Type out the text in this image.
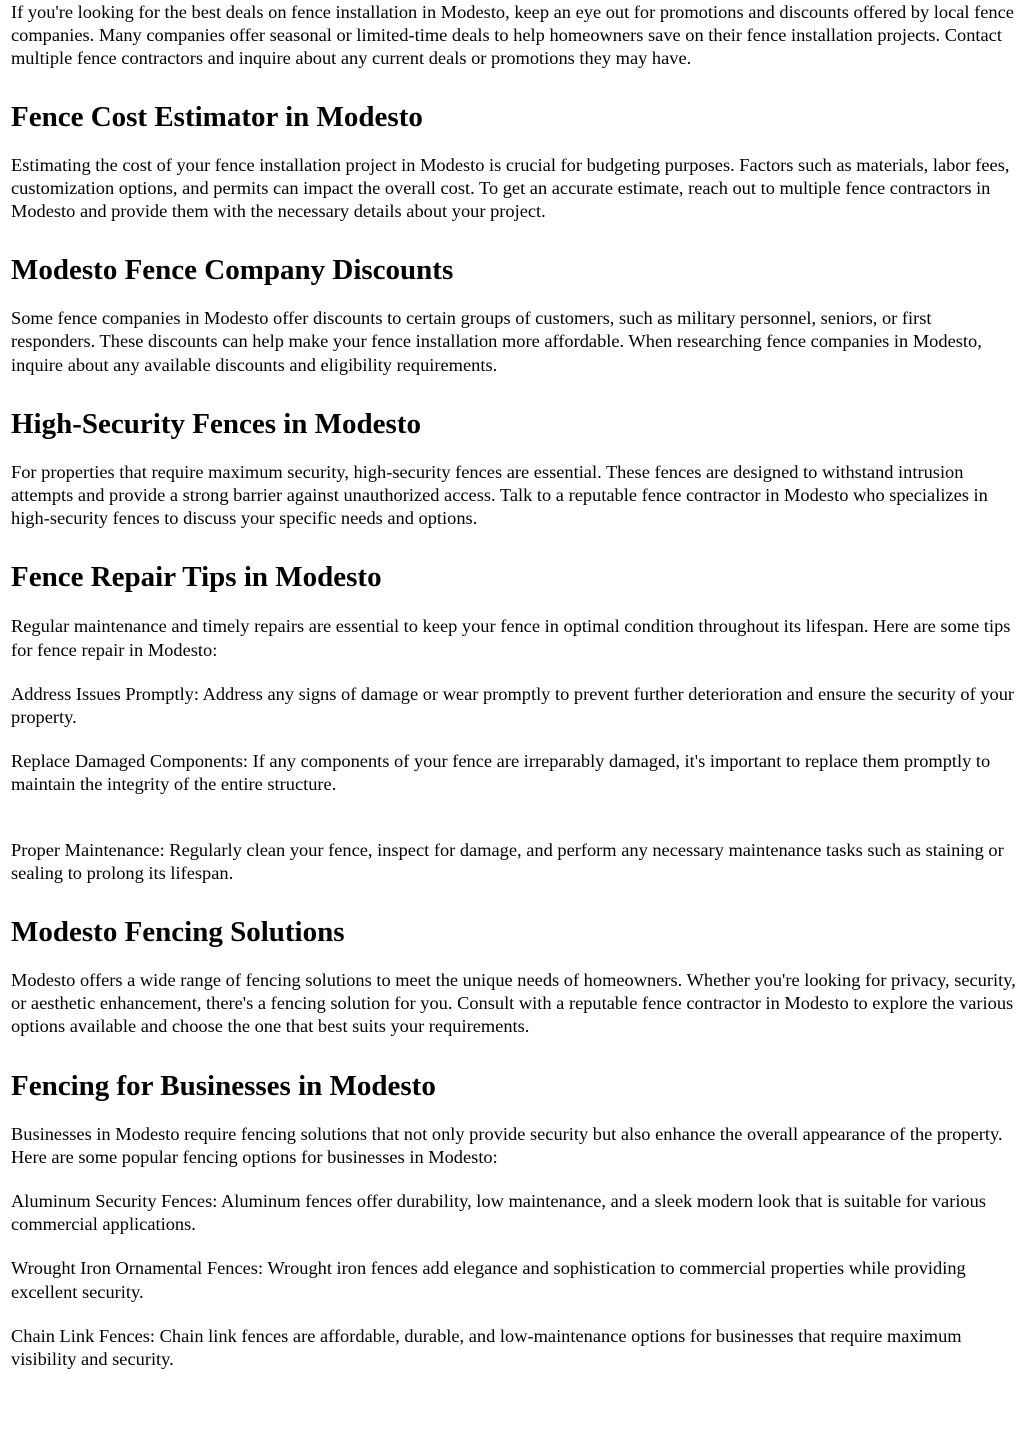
If you're looking for the best deals on fence installation in Modesto, keep an eye out for promotions and discounts offered by local fence companies. Many companies offer seasonal or limited-time deals to help homeowners save on their fence installation projects. Contact multiple fence contractors and inquire about any current deals or promotions they may have.

Fence Cost Estimator in Modesto

Estimating the cost of your fence installation project in Modesto is crucial for budgeting purposes. Factors such as materials, labor fees, customization options, and permits can impact the overall cost. To get an accurate estimate, reach out to multiple fence contractors in Modesto and provide them with the necessary details about your project.

Modesto Fence Company Discounts

Some fence companies in Modesto offer discounts to certain groups of customers, such as military personnel, seniors, or first responders. These discounts can help make your fence installation more affordable. When researching fence companies in Modesto, inquire about any available discounts and eligibility requirements.

High-Security Fences in Modesto

For properties that require maximum security, high-security fences are essential. These fences are designed to withstand intrusion attempts and provide a strong barrier against unauthorized access. Talk to a reputable fence contractor in Modesto who specializes in high-security fences to discuss your specific needs and options.

Fence Repair Tips in Modesto

Regular maintenance and timely repairs are essential to keep your fence in optimal condition throughout its lifespan. Here are some tips for fence repair in Modesto:

Address Issues Promptly: Address any signs of damage or wear promptly to prevent further deterioration and ensure the security of your property.

Replace Damaged Components: If any components of your fence are irreparably damaged, it's important to replace them promptly to maintain the integrity of the entire structure.

Proper Maintenance: Regularly clean your fence, inspect for damage, and perform any necessary maintenance tasks such as staining or sealing to prolong its lifespan.

Modesto Fencing Solutions

Modesto offers a wide range of fencing solutions to meet the unique needs of homeowners. Whether you're looking for privacy, security, or aesthetic enhancement, there's a fencing solution for you. Consult with a reputable fence contractor in Modesto to explore the various options available and choose the one that best suits your requirements.

Fencing for Businesses in Modesto

Businesses in Modesto require fencing solutions that not only provide security but also enhance the overall appearance of the property. Here are some popular fencing options for businesses in Modesto:

Aluminum Security Fences: Aluminum fences offer durability, low maintenance, and a sleek modern look that is suitable for various commercial applications.

Wrought Iron Ornamental Fences: Wrought iron fences add elegance and sophistication to commercial properties while providing excellent security.

Chain Link Fences: Chain link fences are affordable, durable, and low-maintenance options for businesses that require maximum visibility and security.
